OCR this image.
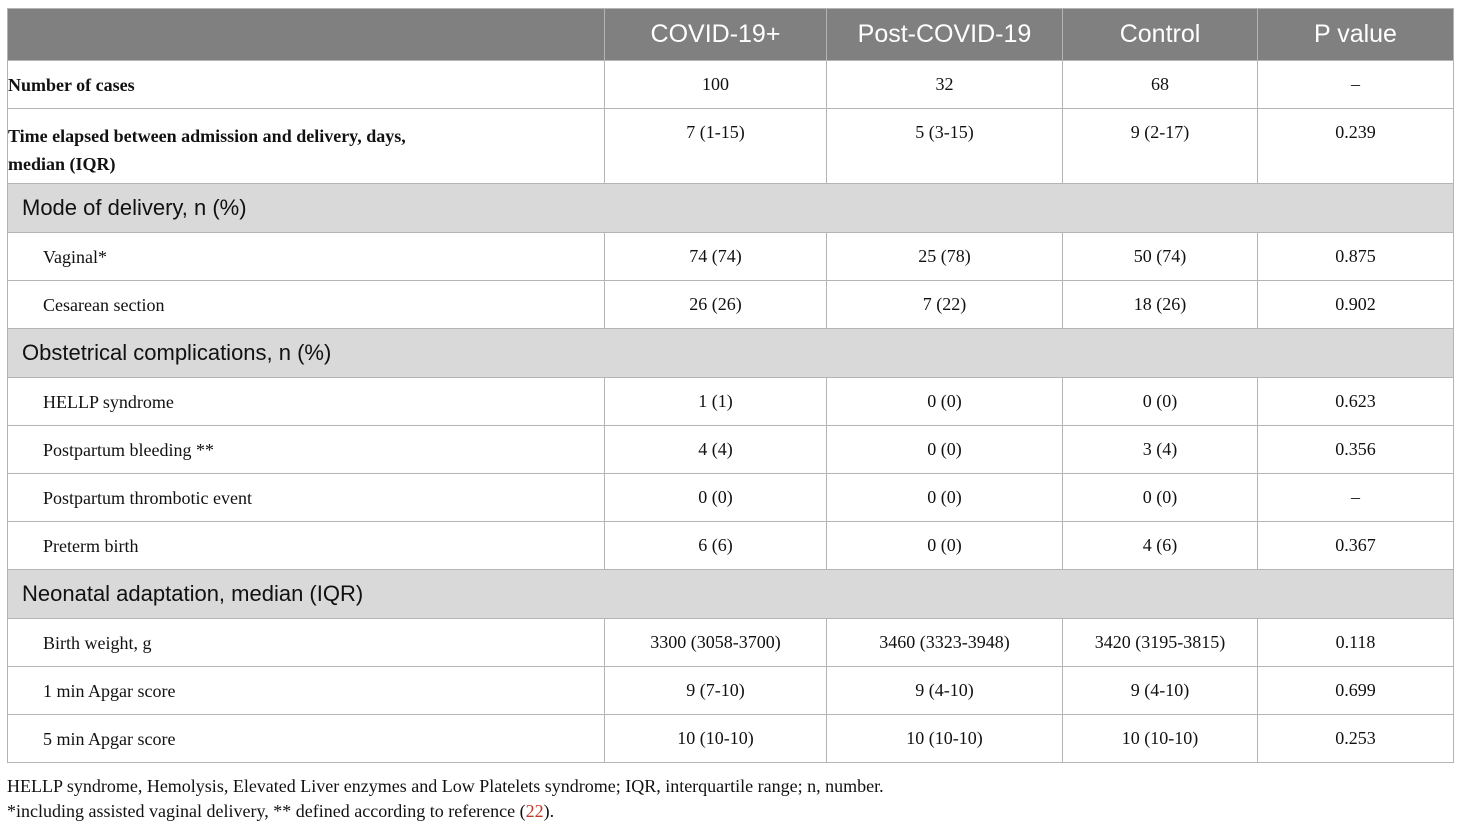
	COVID-19+	Post-COVID-19	Control	P value
Number of cases	100	32	68	–
Time elapsed between admission and delivery, days,
median (IQR)	7 (1-15)	5 (3-15)	9 (2-17)	0.239
Mode of delivery, n (%)				
Vaginal*	74 (74)	25 (78)	50 (74)	0.875
Cesarean section	26 (26)	7 (22)	18 (26)	0.902
Obstetrical complications, n (%)				
HELLP syndrome	1 (1)	0 (0)	0 (0)	0.623
Postpartum bleeding **	4 (4)	0 (0)	3 (4)	0.356
Postpartum thrombotic event	0 (0)	0 (0)	0 (0)	–
Preterm birth	6 (6)	0 (0)	4 (6)	0.367
Neonatal adaptation, median (IQR)				
Birth weight, g	3300 (3058-3700)	3460 (3323-3948)	3420 (3195-3815)	0.118
1 min Apgar score	9 (7-10)	9 (4-10)	9 (4-10)	0.699
5 min Apgar score	10 (10-10)	10 (10-10)	10 (10-10)	0.253
HELLP syndrome, Hemolysis, Elevated Liver enzymes and Low Platelets syndrome; IQR, interquartile range; n, number.
*including assisted vaginal delivery, ** defined according to reference (22).
